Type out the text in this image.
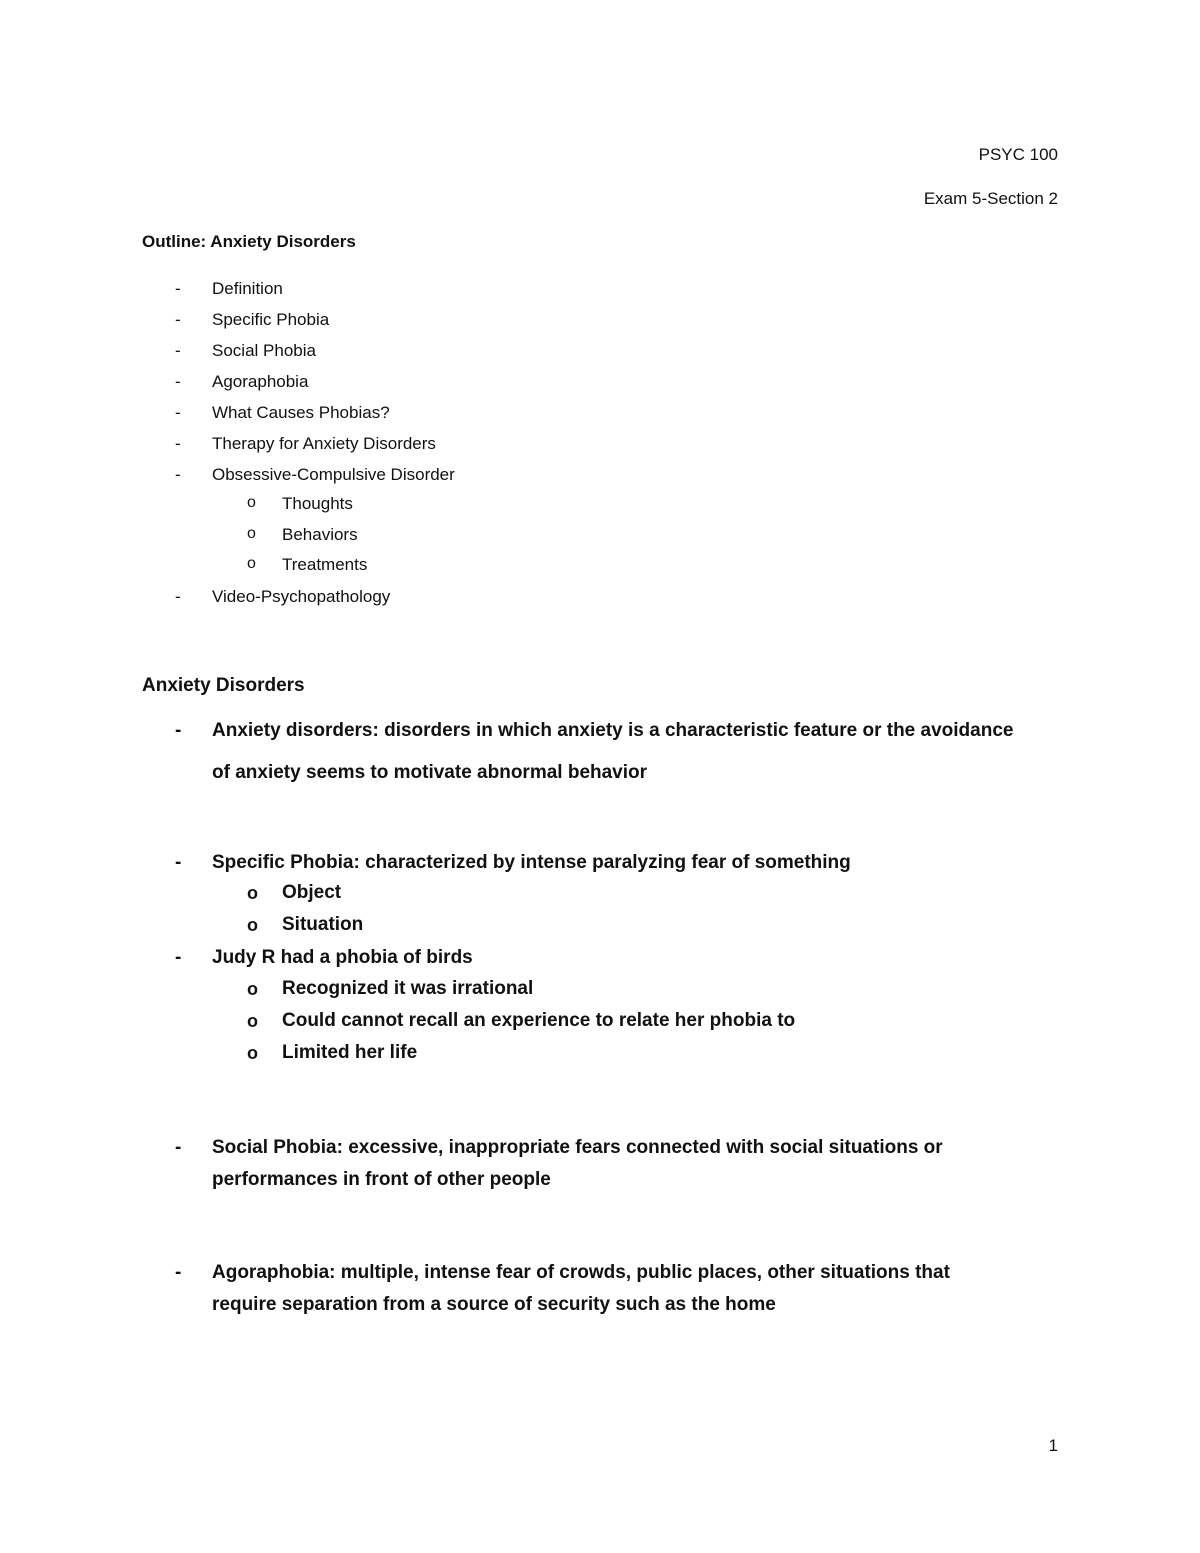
PSYC 100
Exam 5-Section 2
Outline: Anxiety Disorders
- Definition
- Specific Phobia
- Social Phobia
- Agoraphobia
- What Causes Phobias?
- Therapy for Anxiety Disorders
- Obsessive-Compulsive Disorder
o Thoughts
o Behaviors
o Treatments
- Video-Psychopathology
Anxiety Disorders
- Anxiety disorders: disorders in which anxiety is a characteristic feature or the avoidance
of anxiety seems to motivate abnormal behavior
- Specific Phobia: characterized by intense paralyzing fear of something
o Object
o Situation
- Judy R had a phobia of birds
o Recognized it was irrational
o Could cannot recall an experience to relate her phobia to
o Limited her life
- Social Phobia: excessive, inappropriate fears connected with social situations or
performances in front of other people
- Agoraphobia: multiple, intense fear of crowds, public places, other situations that
require separation from a source of security such as the home
1
